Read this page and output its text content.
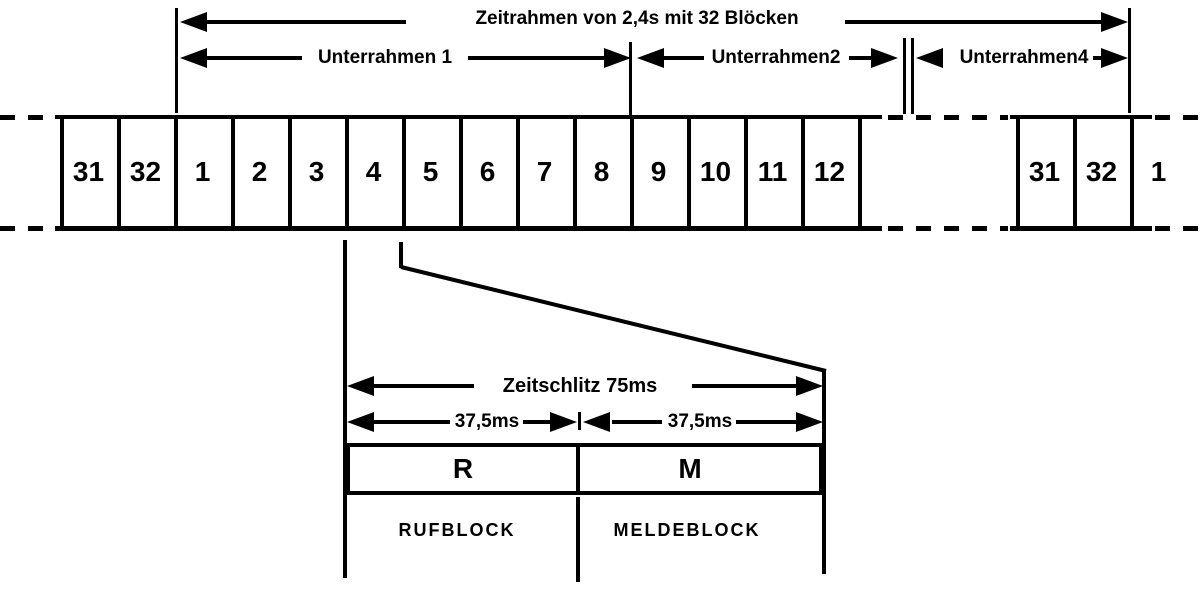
Zeitrahmen von 2,4s mit 32 Blöcken
Unterrahmen 1	Unterrahmen2	Unterrahmen4
31 32	1	2	3	4	5	6	7	8	9	10 11 12	31 32	1
Zeitschlitz 75ms
37,5ms	37,5ms
R	M
RUFBLOCK	MELDEBLOCK
